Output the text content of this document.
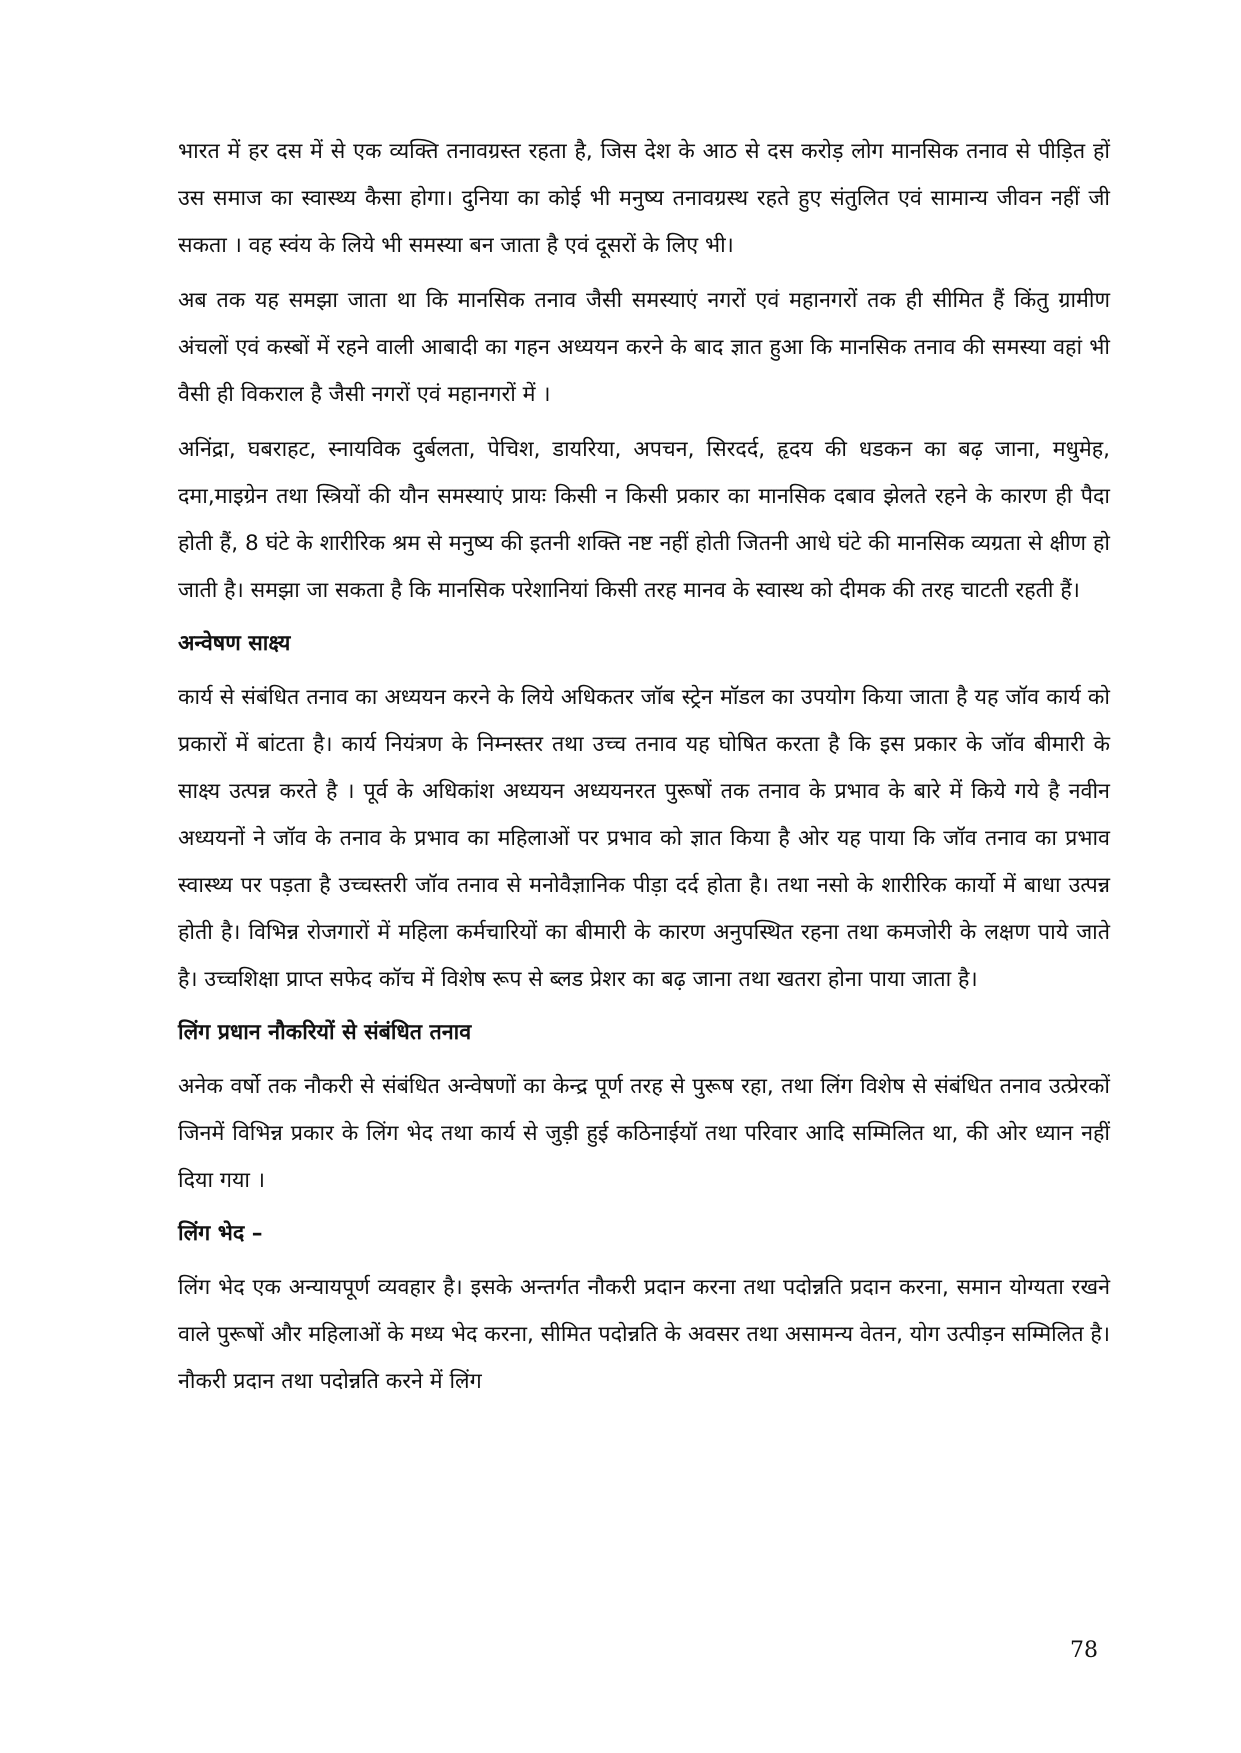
भारत में हर दस में से एक व्यक्ति तनावग्रस्त रहता है, जिस देश के आठ से दस करोड़ लोग मानसिक तनाव से पीड़ित हों उस समाज का स्वास्थ्य कैसा होगा। दुनिया का कोई भी मनुष्य तनावग्रस्थ रहते हुए संतुलित एवं सामान्य जीवन नहीं जी सकता । वह स्वंय के लिये भी समस्या बन जाता है एवं दूसरों के लिए भी।

अब तक यह समझा जाता था कि मानसिक तनाव जैसी समस्याएं नगरों एवं महानगरों तक ही सीमित हैं किंतु ग्रामीण अंचलों एवं कस्बों में रहने वाली आबादी का गहन अध्ययन करने के बाद ज्ञात हुआ कि मानसिक तनाव की समस्या वहां भी वैसी ही विकराल है जैसी नगरों एवं महानगरों में ।

अनिंद्रा, घबराहट, स्नायविक दुर्बलता, पेचिश, डायरिया, अपचन, सिरदर्द, हृदय की धडकन का बढ़ जाना, मधुमेह, दमा,माइग्रेन तथा स्त्रियों की यौन समस्याएं प्रायः किसी न किसी प्रकार का मानसिक दबाव झेलते रहने के कारण ही पैदा होती हैं, 8 घंटे के शारीरिक श्रम से मनुष्य की इतनी शक्ति नष्ट नहीं होती जितनी आधे घंटे की मानसिक व्यग्रता से क्षीण हो जाती है। समझा जा सकता है कि मानसिक परेशानियां किसी तरह मानव के स्वास्थ को दीमक की तरह चाटती रहती हैं।

अन्वेषण साक्ष्य

कार्य से संबंधित तनाव का अध्ययन करने के लिये अधिकतर जॉब स्ट्रेन मॉडल का उपयोग किया जाता है यह जॉव कार्य को प्रकारों में बांटता है। कार्य नियंत्रण के निम्नस्तर तथा उच्च तनाव यह घोषित करता है कि इस प्रकार के जॉव बीमारी के साक्ष्य उत्पन्न करते है । पूर्व के अधिकांश अध्ययन अध्ययनरत पुरूषों तक तनाव के प्रभाव के बारे में किये गये है नवीन अध्ययनों ने जॉव के तनाव के प्रभाव का महिलाओं पर प्रभाव को ज्ञात किया है ओर यह पाया कि जॉव तनाव का प्रभाव स्वास्थ्य पर पड़ता है उच्चस्तरी जॉव तनाव से मनोवैज्ञानिक पीड़ा दर्द होता है। तथा नसो के शारीरिक कार्यो में बाधा उत्पन्न होती है। विभिन्न रोजगारों में महिला कर्मचारियों का बीमारी के कारण अनुपस्थित रहना तथा कमजोरी के लक्षण पाये जाते है। उच्चशिक्षा प्राप्त सफेद कॉच में विशेष रूप से ब्लड प्रेशर का बढ़ जाना तथा खतरा होना पाया जाता है।

लिंग प्रधान नौकरियों से संबंधित तनाव

अनेक वर्षो तक नौकरी से संबंधित अन्वेषणों का केन्द्र पूर्ण तरह से पुरूष रहा, तथा लिंग विशेष से संबंधित तनाव उत्प्रेरकों जिनमें विभिन्न प्रकार के लिंग भेद तथा कार्य से जुड़ी हुई कठिनाईयॉ तथा परिवार आदि सम्मिलित था, की ओर ध्यान नहीं दिया गया ।

लिंग भेद –

लिंग भेद एक अन्यायपूर्ण व्यवहार है। इसके अन्तर्गत नौकरी प्रदान करना तथा पदोन्नति प्रदान करना, समान योग्यता रखने वाले पुरूषों और महिलाओं के मध्य भेद करना, सीमित पदोन्नति के अवसर तथा असामन्य वेतन, योग उत्पीड़न सम्मिलित है। नौकरी प्रदान तथा पदोन्नति करने में लिंग

78
